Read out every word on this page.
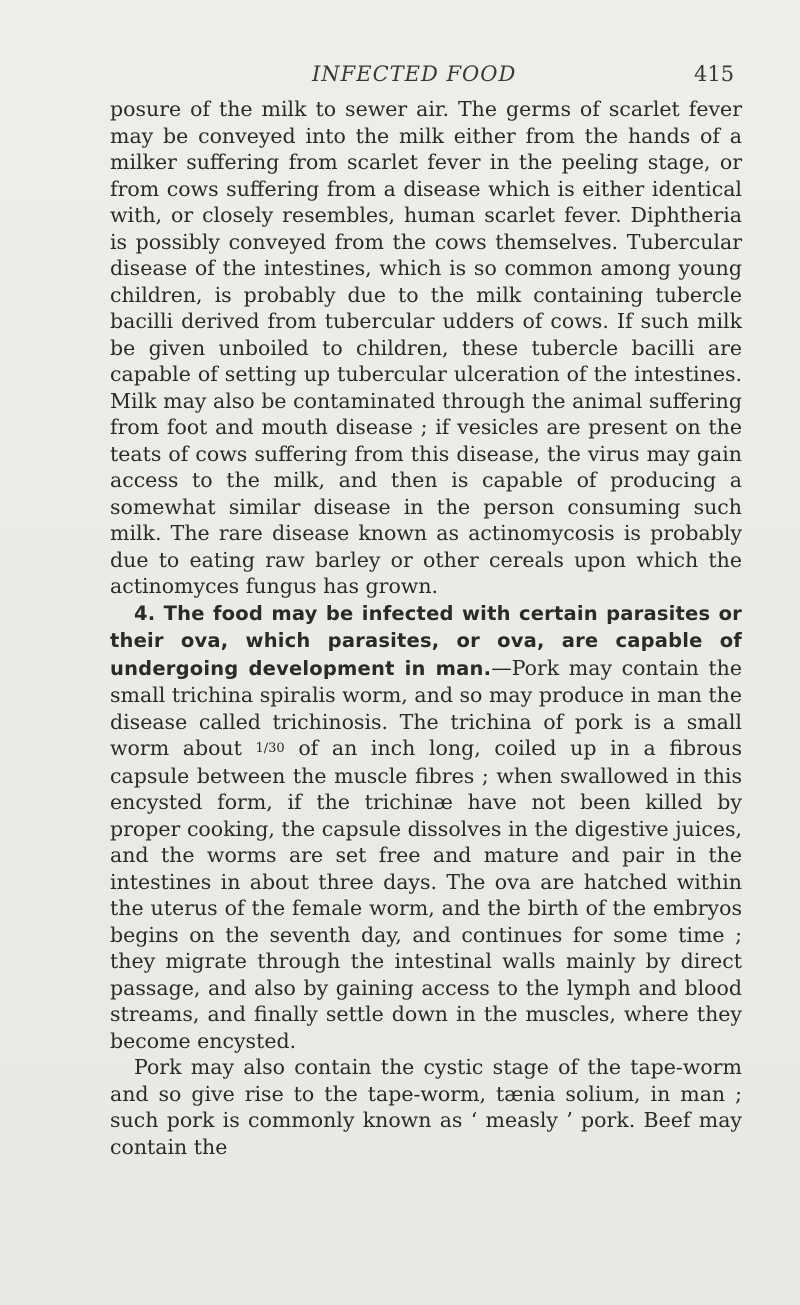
INFECTED FOOD	415

posure of the milk to sewer air. The germs of scarlet fever may be conveyed into the milk either from the hands of a milker suffering from scarlet fever in the peeling stage, or from cows suffering from a disease which is either identical with, or closely resembles, human scarlet fever. Diphtheria is possibly conveyed from the cows themselves. Tubercular disease of the intestines, which is so common among young children, is probably due to the milk containing tubercle bacilli derived from tubercular udders of cows. If such milk be given unboiled to children, these tubercle bacilli are capable of setting up tubercular ulceration of the intestines. Milk may also be contaminated through the animal suffering from foot and mouth disease ; if vesicles are present on the teats of cows suffering from this disease, the virus may gain access to the milk, and then is capable of producing a somewhat similar disease in the person consuming such milk. The rare disease known as actinomycosis is probably due to eating raw barley or other cereals upon which the actinomyces fungus has grown.

4. The food may be infected with certain parasites or their ova, which parasites, or ova, are capable of undergoing development in man.—Pork may contain the small trichina spiralis worm, and so may produce in man the disease called trichinosis. The trichina of pork is a small worm about 1/30 of an inch long, coiled up in a fibrous capsule between the muscle fibres ; when swallowed in this encysted form, if the trichinæ have not been killed by proper cooking, the capsule dissolves in the digestive juices, and the worms are set free and mature and pair in the intestines in about three days. The ova are hatched within the uterus of the female worm, and the birth of the embryos begins on the seventh day, and continues for some time ; they migrate through the intestinal walls mainly by direct passage, and also by gaining access to the lymph and blood streams, and finally settle down in the muscles, where they become encysted.

Pork may also contain the cystic stage of the tape-worm and so give rise to the tape-worm, tænia solium, in man ; such pork is commonly known as ‘ measly ’ pork. Beef may contain the
